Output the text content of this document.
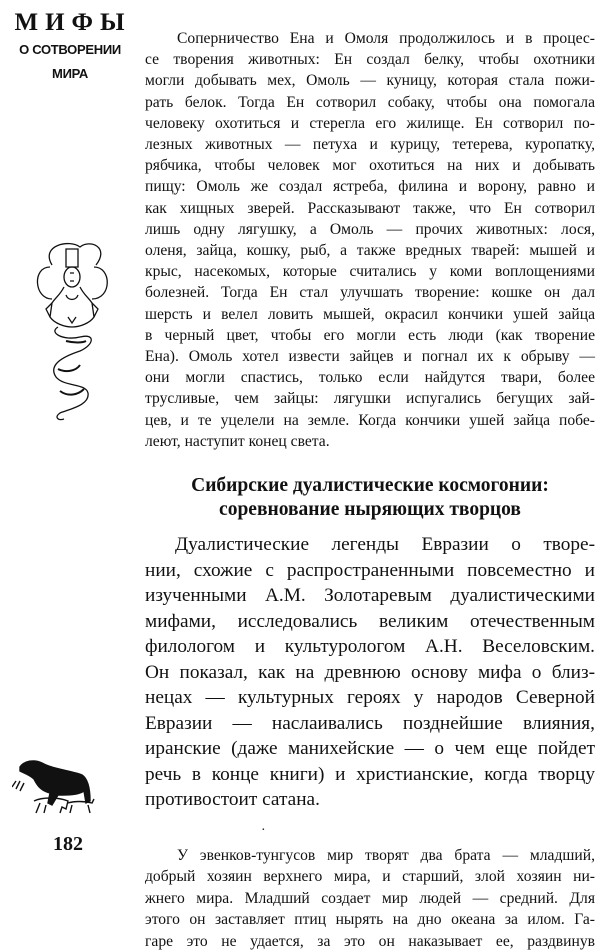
МИФЫ
О СОТВОРЕНИИ
МИРА
182

Соперничество Ена и Омоля продолжилось и в процес-
се творения животных: Ен создал белку, чтобы охотники
могли добывать мех, Омоль — куницу, которая стала пожи-
рать белок. Тогда Ен сотворил собаку, чтобы она помогала
человеку охотиться и стерегла его жилище. Ен сотворил по-
лезных животных — петуха и курицу, тетерева, куропатку,
рябчика, чтобы человек мог охотиться на них и добывать
пищу: Омоль же создал ястреба, филина и ворону, равно и
как хищных зверей. Рассказывают также, что Ен сотворил
лишь одну лягушку, а Омоль — прочих животных: лося,
оленя, зайца, кошку, рыб, а также вредных тварей: мышей и
крыс, насекомых, которые считались у коми воплощениями
болезней. Тогда Ен стал улучшать творение: кошке он дал
шерсть и велел ловить мышей, окрасил кончики ушей зайца
в черный цвет, чтобы его могли есть люди (как творение
Ена). Омоль хотел извести зайцев и погнал их к обрыву —
они могли спастись, только если найдутся твари, более
трусливые, чем зайцы: лягушки испугались бегущих зай-
цев, и те уцелели на земле. Когда кончики ушей зайца побе-
леют, наступит конец света.

Сибирские дуалистические космогонии:
соревнование ныряющих творцов

Дуалистические легенды Евразии о творе-
нии, схожие с распространенными повсеместно и
изученными А.М. Золотаревым дуалистическими
мифами, исследовались великим отечественным
филологом и культурологом А.Н. Веселовским.
Он показал, как на древнюю основу мифа о близ-
нецах — культурных героях у народов Северной
Евразии — наслаивались позднейшие влияния,
иранские (даже манихейские — о чем еще пойдет
речь в конце книги) и христианские, когда творцу
противостоит сатана.

·

У эвенков-тунгусов мир творят два брата — младший,
добрый хозяин верхнего мира, и старший, злой хозяин ни-
жнего мира. Младший создает мир людей — средний. Для
этого он заставляет птиц нырять на дно океана за илом. Га-
гаре это не удается, за это он наказывает ее, раздвинув
